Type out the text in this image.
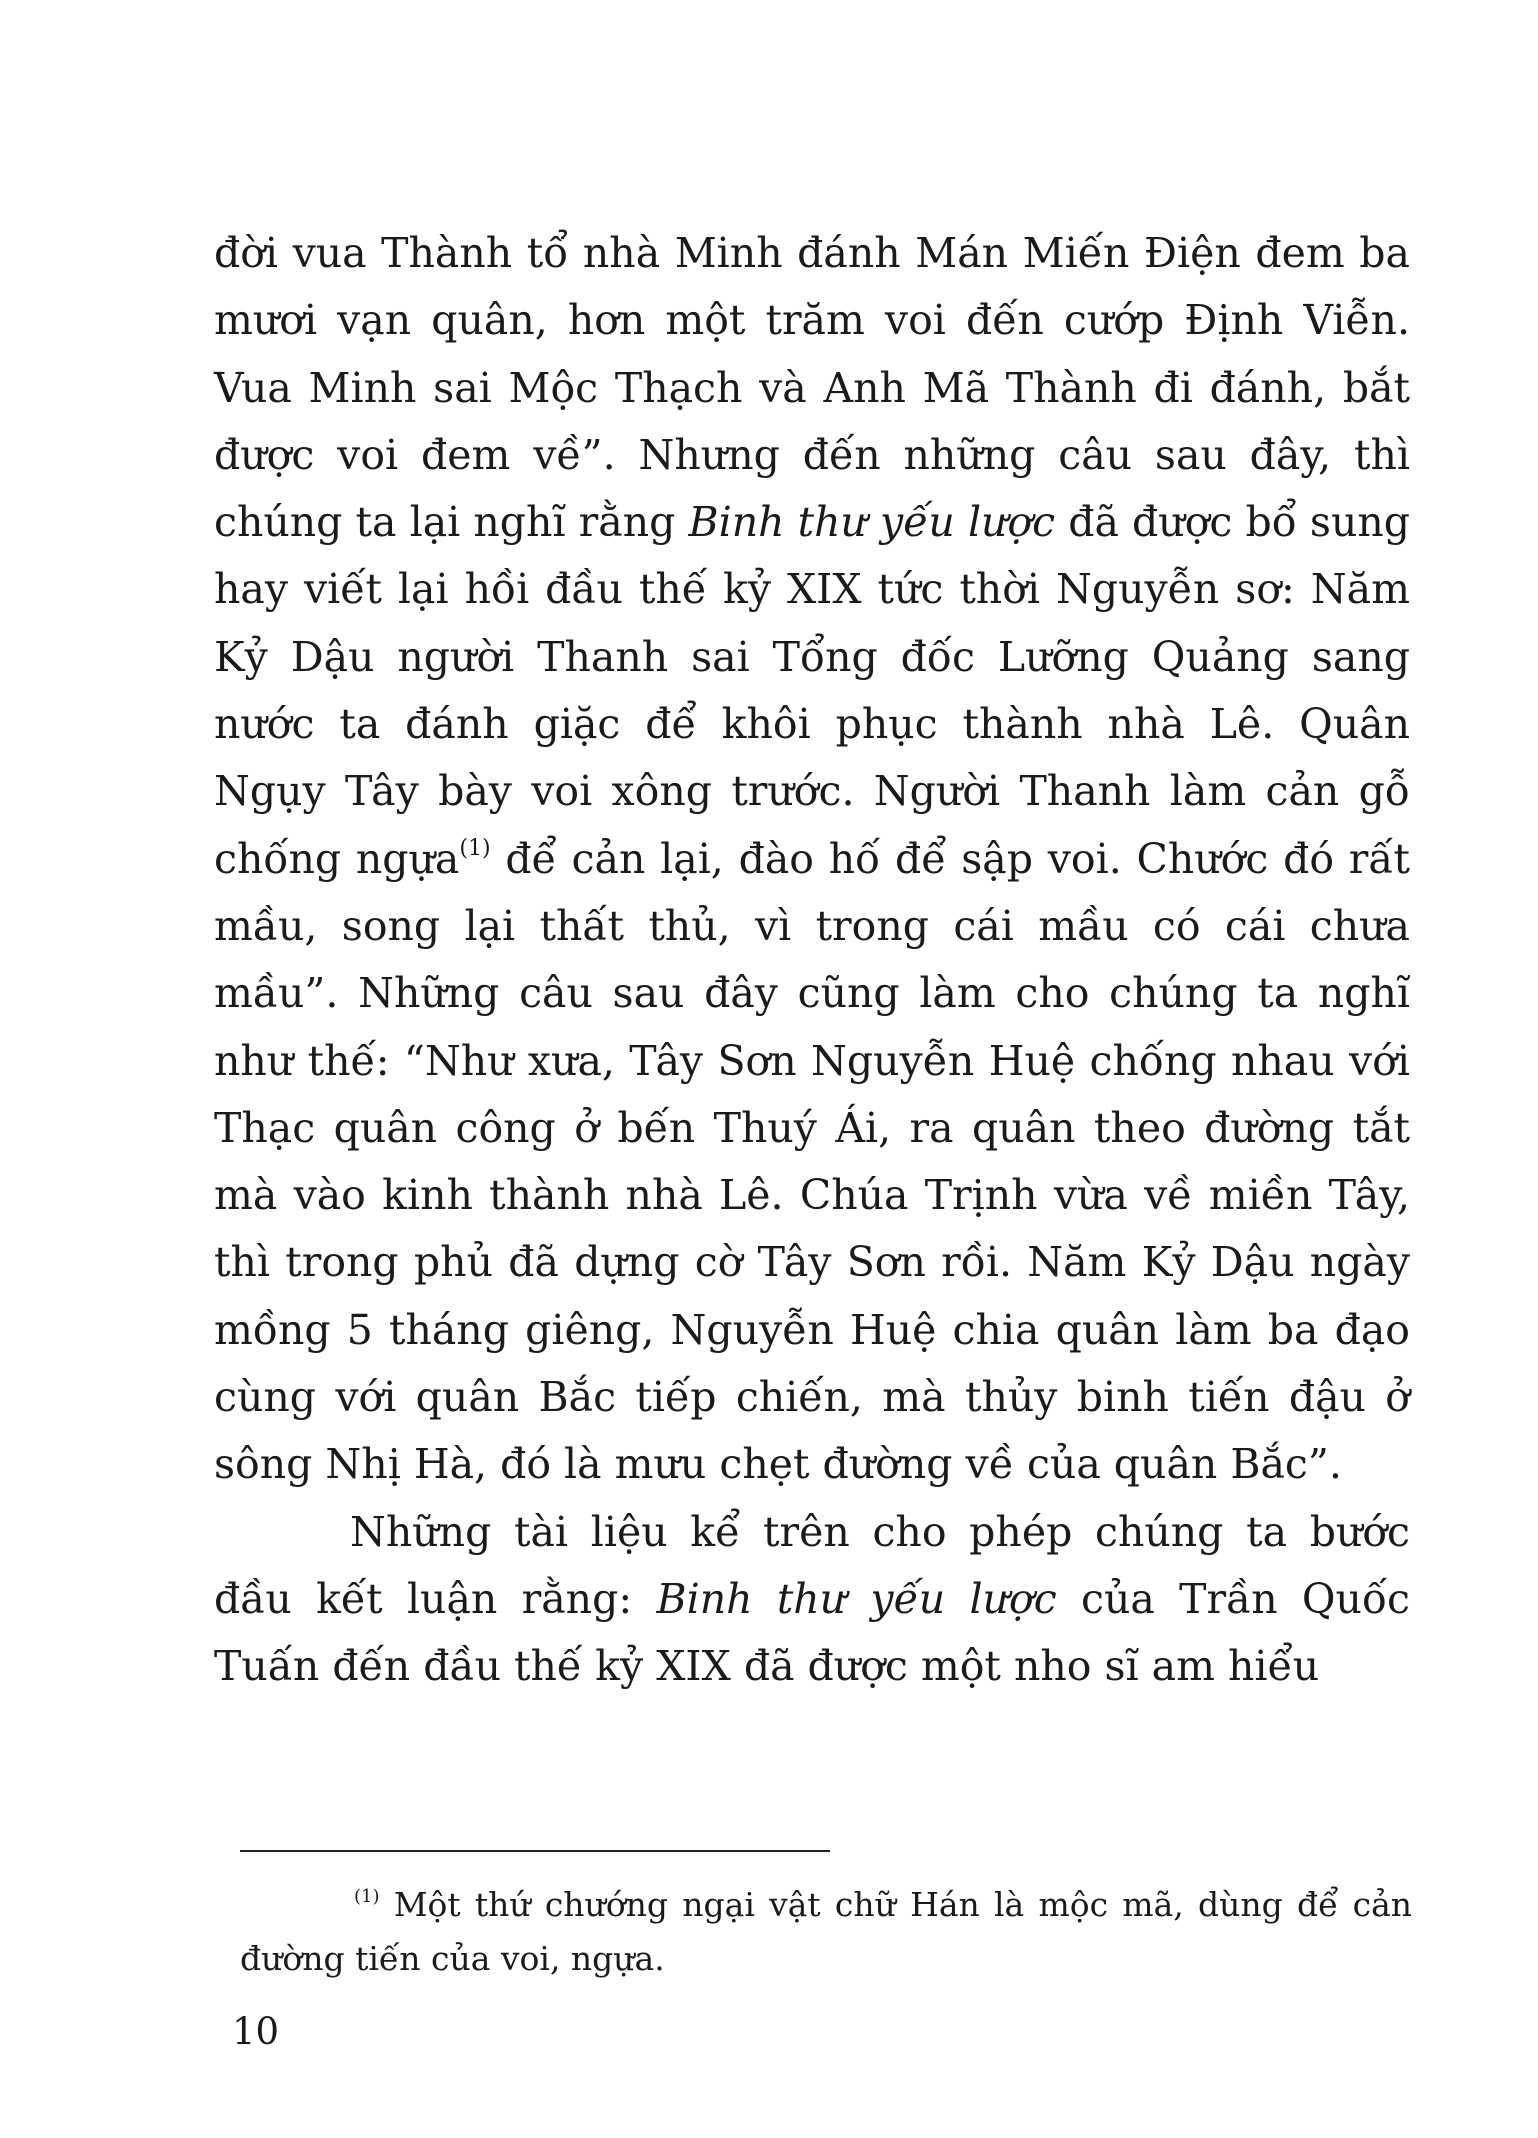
đời vua Thành tổ nhà Minh đánh Mán Miến Điện đem ba mươi vạn quân, hơn một trăm voi đến cướp Định Viễn. Vua Minh sai Mộc Thạch và Anh Mã Thành đi đánh, bắt được voi đem về”. Nhưng đến những câu sau đây, thì chúng ta lại nghĩ rằng Binh thư yếu lược đã được bổ sung hay viết lại hồi đầu thế kỷ XIX tức thời Nguyễn sơ: Năm Kỷ Dậu người Thanh sai Tổng đốc Lưỡng Quảng sang nước ta đánh giặc để khôi phục thành nhà Lê. Quân Ngụy Tây bày voi xông trước. Người Thanh làm cản gỗ chống ngựa$^{(1)}$ để cản lại, đào hố để sập voi. Chước đó rất mầu, song lại thất thủ, vì trong cái mầu có cái chưa mầu”. Những câu sau đây cũng làm cho chúng ta nghĩ như thế: “Như xưa, Tây Sơn Nguyễn Huệ chống nhau với Thạc quân công ở bến Thuý Ái, ra quân theo đường tắt mà vào kinh thành nhà Lê. Chúa Trịnh vừa về miền Tây, thì trong phủ đã dựng cờ Tây Sơn rồi. Năm Kỷ Dậu ngày mồng 5 tháng giêng, Nguyễn Huệ chia quân làm ba đạo cùng với quân Bắc tiếp chiến, mà thủy binh tiến đậu ở sông Nhị Hà, đó là mưu chẹt đường về của quân Bắc”.

Những tài liệu kể trên cho phép chúng ta bước đầu kết luận rằng: Binh thư yếu lược của Trần Quốc Tuấn đến đầu thế kỷ XIX đã được một nho sĩ am hiểu

$^{(1)}$ Một thứ chướng ngại vật chữ Hán là mộc mã, dùng để cản đường tiến của voi, ngựa.

10
